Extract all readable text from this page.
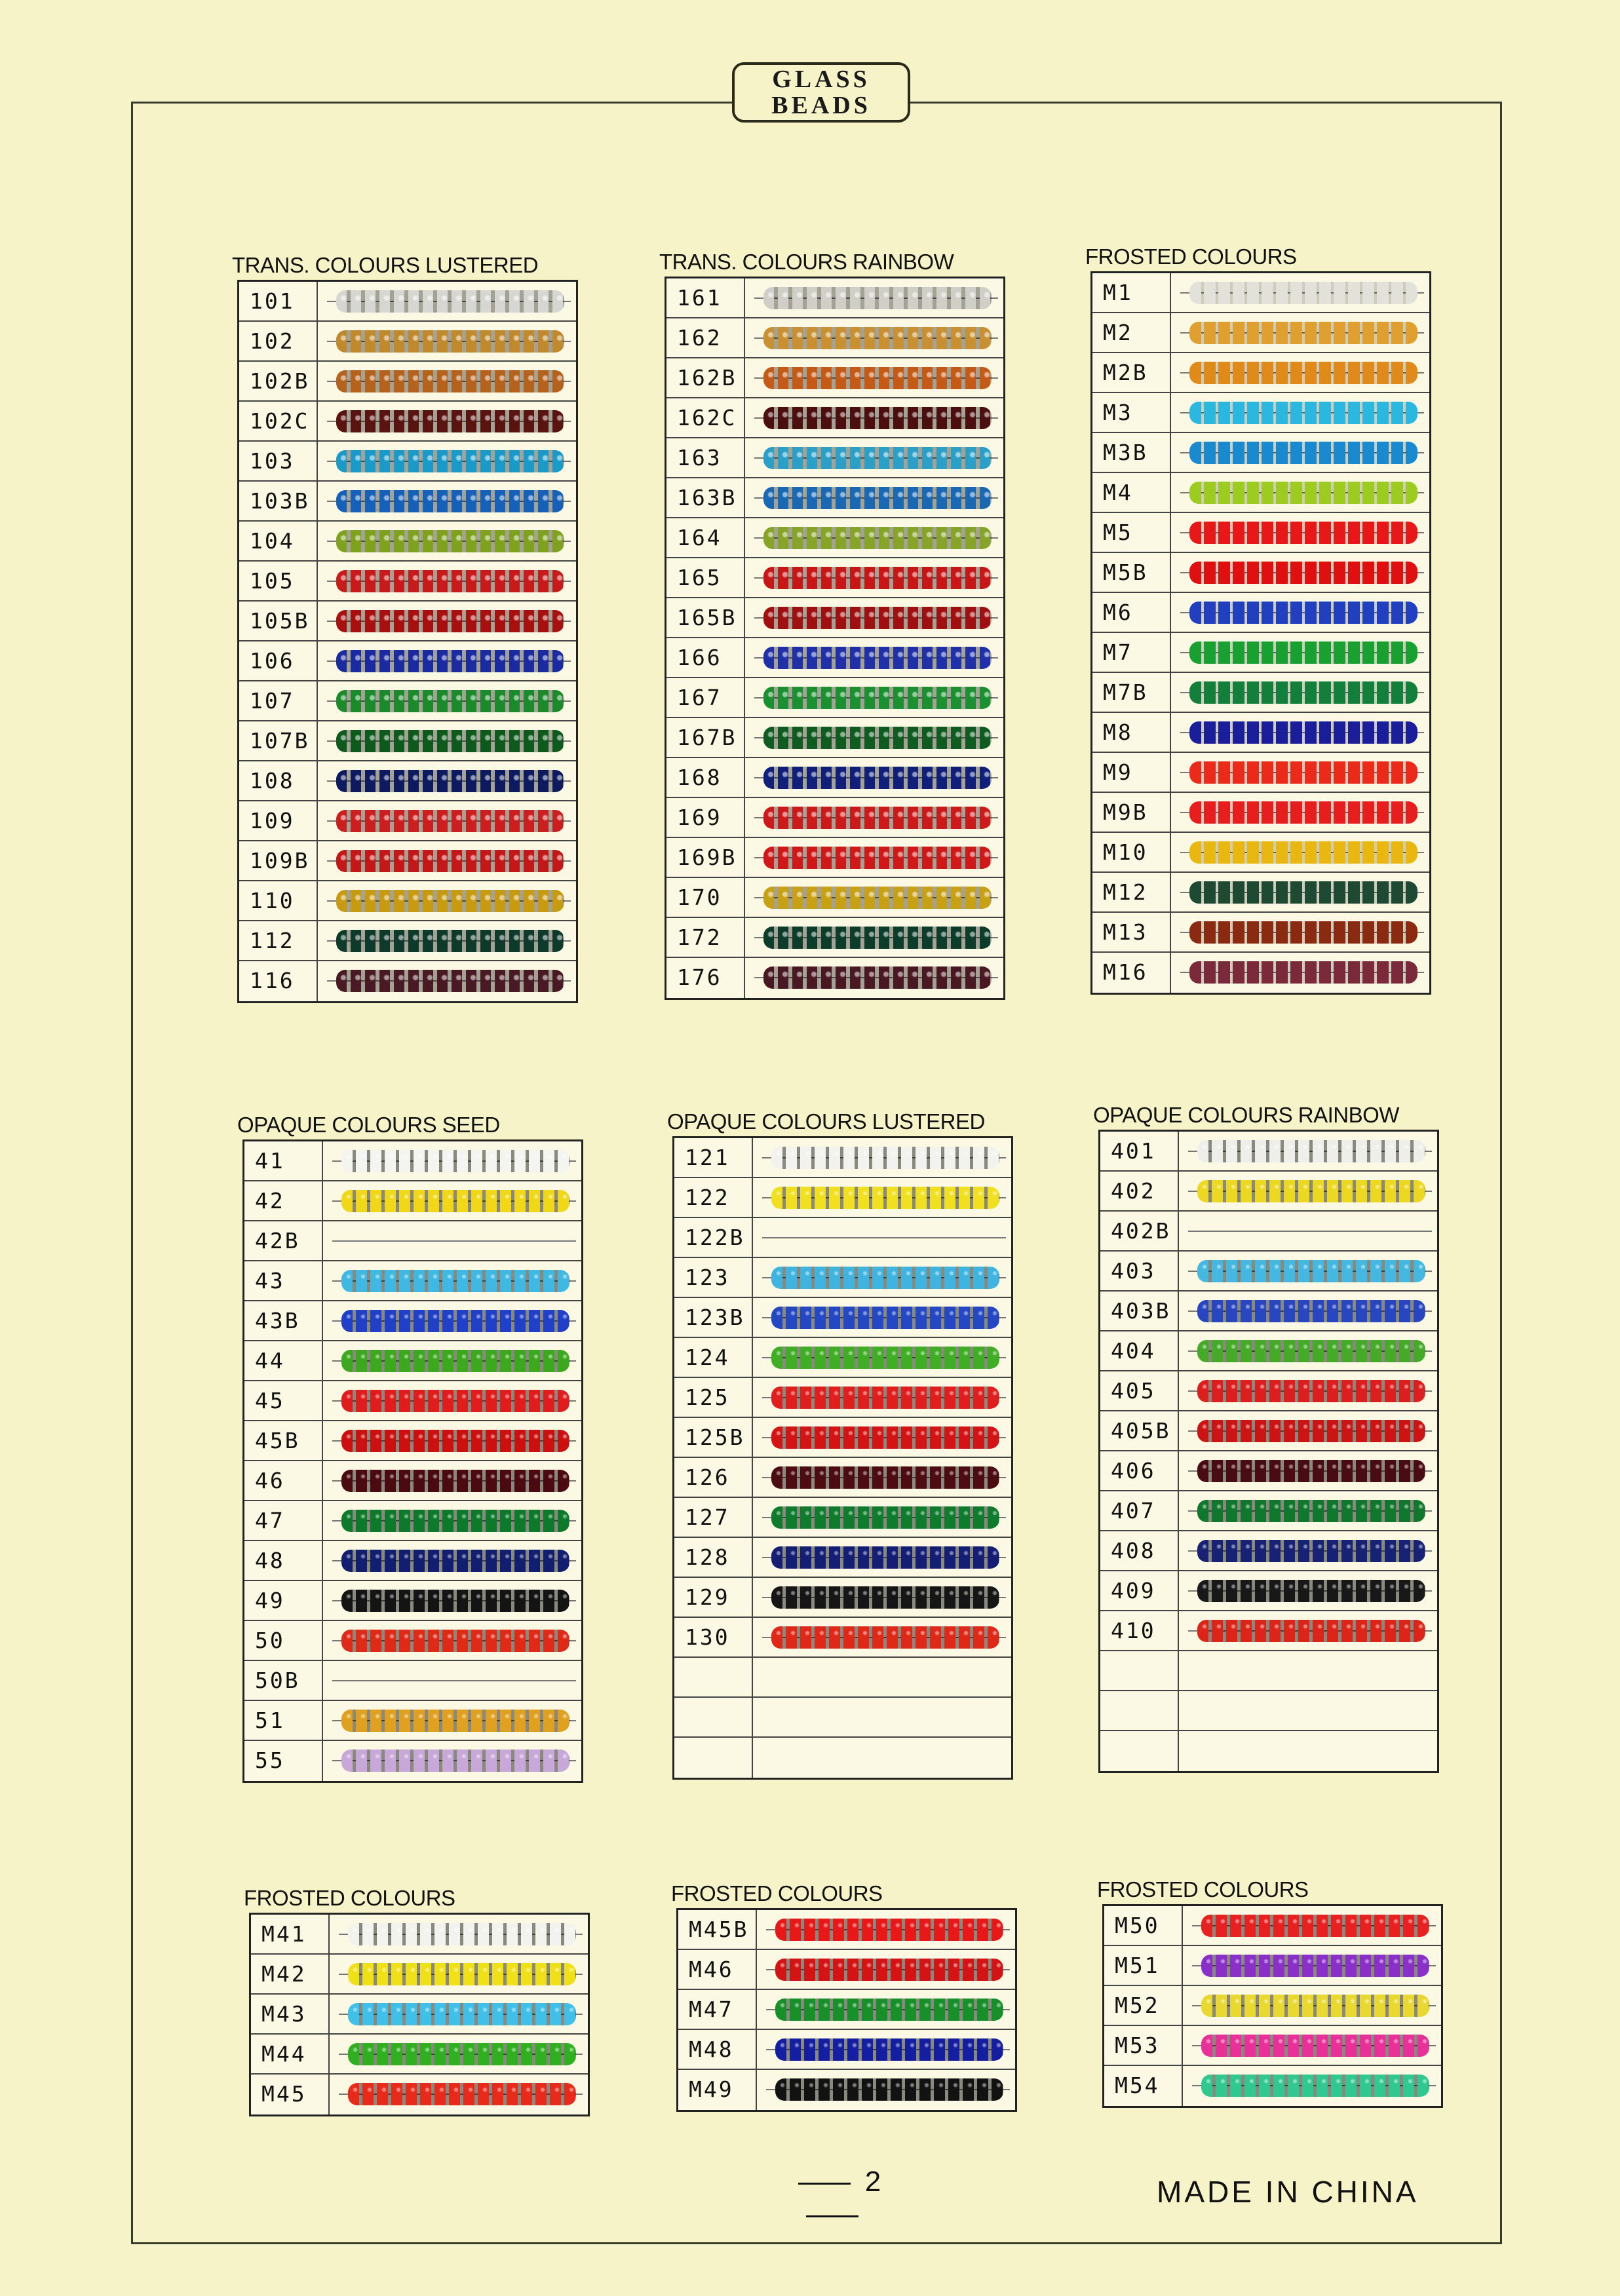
GLASS
BEADS
TRANS. COLOURS LUSTERED
101
102
102B
102C
103
103B
104
105
105B
106
107
107B
108
109
109B
110
112
116
TRANS. COLOURS RAINBOW
161
162
162B
162C
163
163B
164
165
165B
166
167
167B
168
169
169B
170
172
176
FROSTED COLOURS
M1
M2
M2B
M3
M3B
M4
M5
M5B
M6
M7
M7B
M8
M9
M9B
M10
M12
M13
M16
OPAQUE COLOURS SEED
41
42
42B
43
43B
44
45
45B
46
47
48
49
50
50B
51
55
OPAQUE COLOURS LUSTERED
121
122
122B
123
123B
124
125
125B
126
127
128
129
130
OPAQUE COLOURS RAINBOW
401
402
402B
403
403B
404
405
405B
406
407
408
409
410
FROSTED COLOURS
M41
M42
M43
M44
M45
FROSTED COLOURS
M45B
M46
M47
M48
M49
FROSTED COLOURS
M50
M51
M52
M53
M54
2	MADE IN CHINA
